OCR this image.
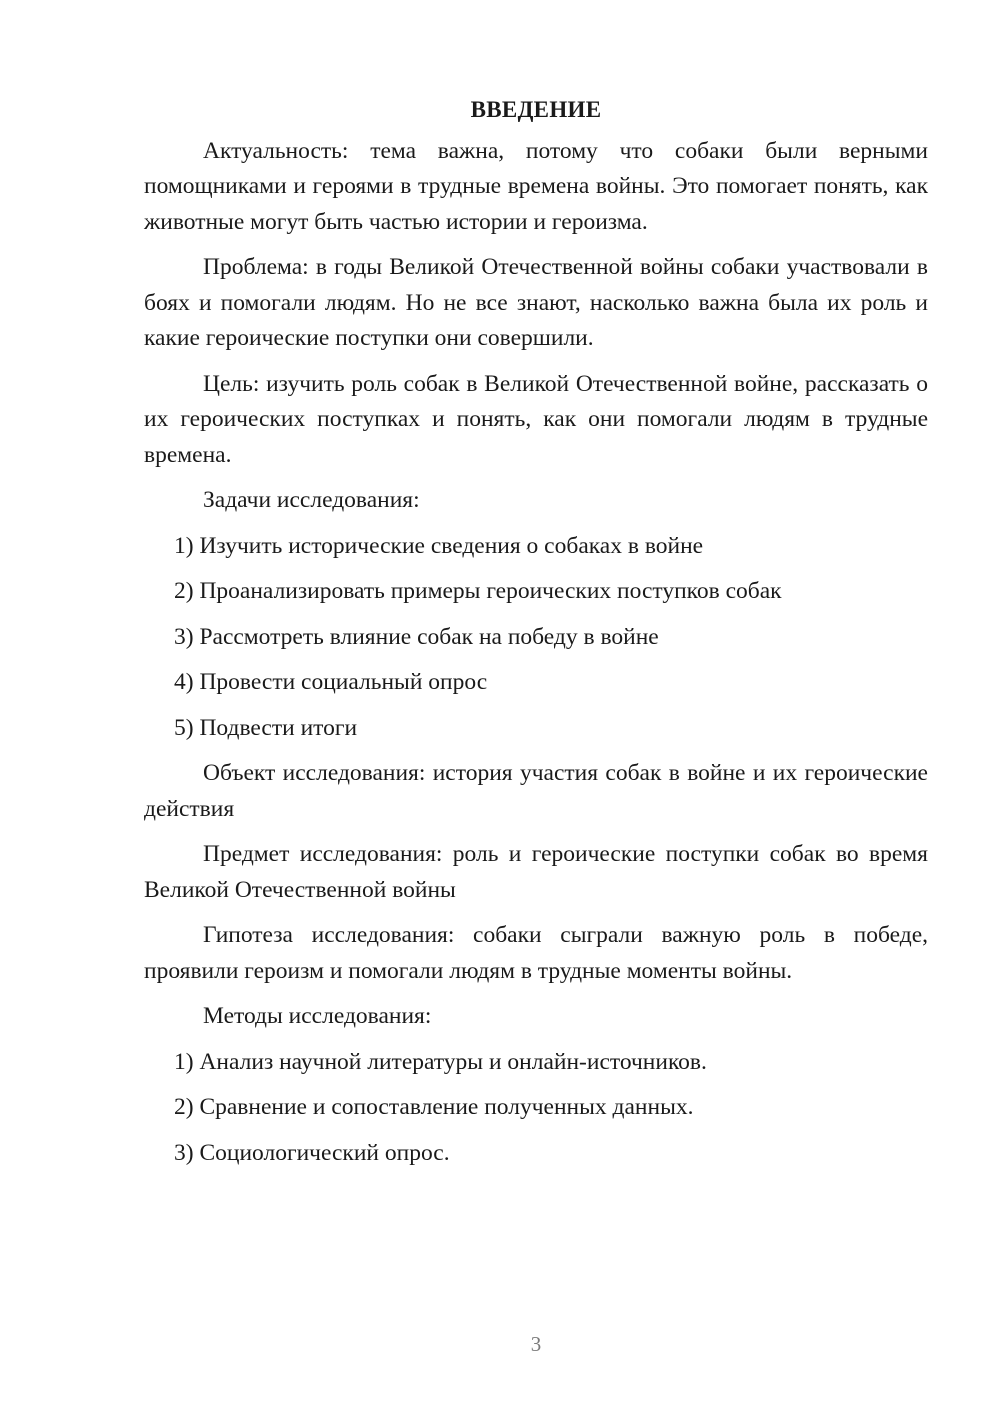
ВВЕДЕНИЕ

Актуальность: тема важна, потому что собаки были верными помощниками и героями в трудные времена войны. Это помогает понять, как животные могут быть частью истории и героизма.

Проблема: в годы Великой Отечественной войны собаки участвовали в боях и помогали людям. Но не все знают, насколько важна была их роль и какие героические поступки они совершили.

Цель: изучить роль собак в Великой Отечественной войне, рассказать о их героических поступках и понять, как они помогали людям в трудные времена.

Задачи исследования:

1) Изучить исторические сведения о собаках в войне
2) Проанализировать примеры героических поступков собак
3) Рассмотреть влияние собак на победу в войне
4) Провести социальный опрос
5) Подвести итоги

Объект исследования: история участия собак в войне и их героические действия

Предмет исследования: роль и героические поступки собак во время Великой Отечественной войны

Гипотеза исследования: собаки сыграли важную роль в победе, проявили героизм и помогали людям в трудные моменты войны.

Методы исследования:

1) Анализ научной литературы и онлайн-источников.
2) Сравнение и сопоставление полученных данных.
3) Социологический опрос.
3
